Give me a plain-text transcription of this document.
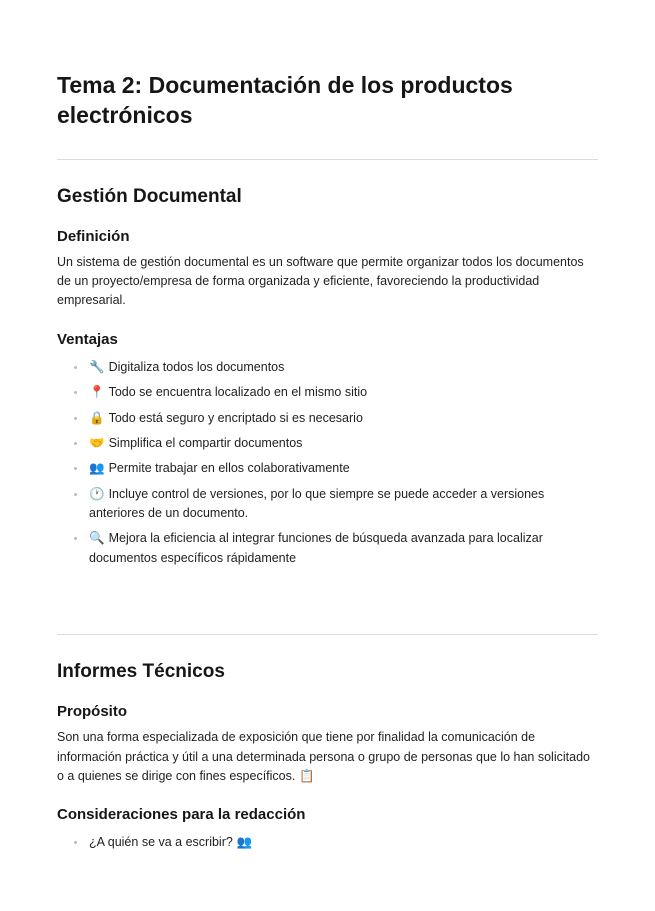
Tema 2: Documentación de los productos electrónicos
Gestión Documental
Definición

Un sistema de gestión documental es un software que permite organizar todos los documentos de un proyecto/empresa de forma organizada y eficiente, favoreciendo la productividad empresarial.

Ventajas
• 🔧 Digitaliza todos los documentos
• 📍 Todo se encuentra localizado en el mismo sitio
• 🔒 Todo está seguro y encriptado si es necesario
• 🤝 Simplifica el compartir documentos
• 👥 Permite trabajar en ellos colaborativamente
• 🕐 Incluye control de versiones, por lo que siempre se puede acceder a versiones anteriores de un documento.
• 🔍 Mejora la eficiencia al integrar funciones de búsqueda avanzada para localizar documentos específicos rápidamente
Informes Técnicos
Propósito

Son una forma especializada de exposición que tiene por finalidad la comunicación de información práctica y útil a una determinada persona o grupo de personas que lo han solicitado o a quienes se dirige con fines específicos. 📋

Consideraciones para la redacción
• ¿A quién se va a escribir? 👥
